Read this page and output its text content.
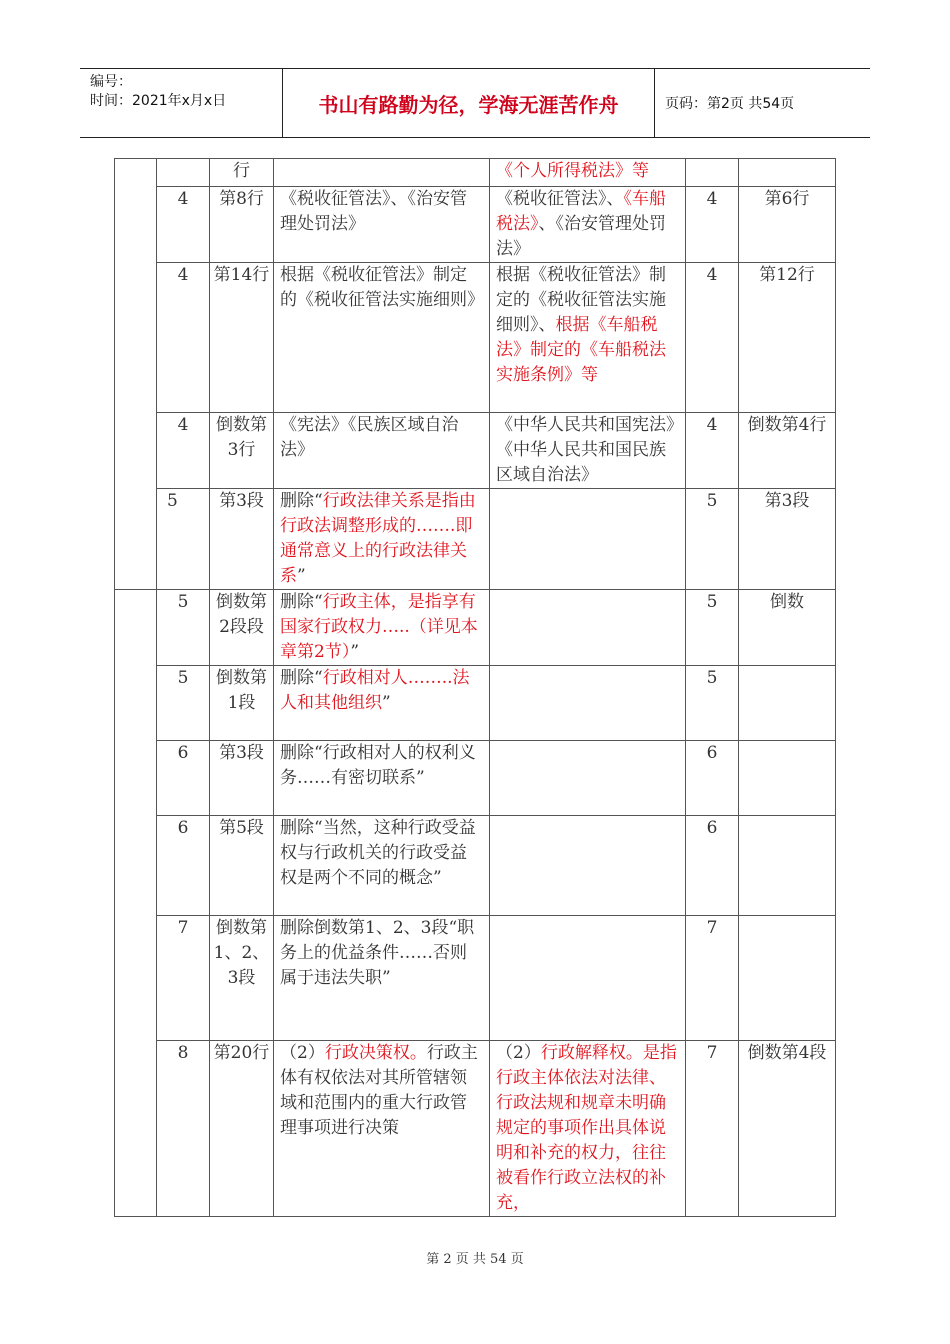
编号：
时间：2021年x月x日	书山有路勤为径，学海无涯苦作舟	页码：第2页 共54页
		行		《个人所得税法》等		
	4	第8行	《税收征管法》、《治安管理处罚法》	《税收征管法》、《车船税法》、《治安管理处罚法》	4	第6行
	4	第14行	根据《税收征管法》制定的《税收征管法实施细则》	根据《税收征管法》制定的《税收征管法实施细则》、根据《车船税法》制定的《车船税法实施条例》等	4	第12行
	4	倒数第3行	《宪法》《民族区域自治法》	《中华人民共和国宪法》《中华人民共和国民族区域自治法》	4	倒数第4行
	5	第3段	删除“行政法律关系是指由行政法调整形成的…….即通常意义上的行政法律关系”		5	第3段
	5	倒数第2段段	删除“行政主体，是指享有国家行政权力…..（详见本章第2节）”		5	倒数
	5	倒数第1段	删除“行政相对人……..法人和其他组织”		5	
	6	第3段	删除“行政相对人的权利义务……有密切联系”		6	
	6	第5段	删除“当然，这种行政受益权与行政机关的行政受益权是两个不同的概念”		6	
	7	倒数第1、2、3段	删除倒数第1、2、3段“职务上的优益条件……否则属于违法失职”		7	
	8	第20行	（2）行政决策权。行政主体有权依法对其所管辖领域和范围内的重大行政管理事项进行决策	（2）行政解释权。是指行政主体依法对法律、行政法规和规章未明确规定的事项作出具体说明和补充的权力，往往被看作行政立法权的补充，	7	倒数第4段
第 2 页 共 54 页
